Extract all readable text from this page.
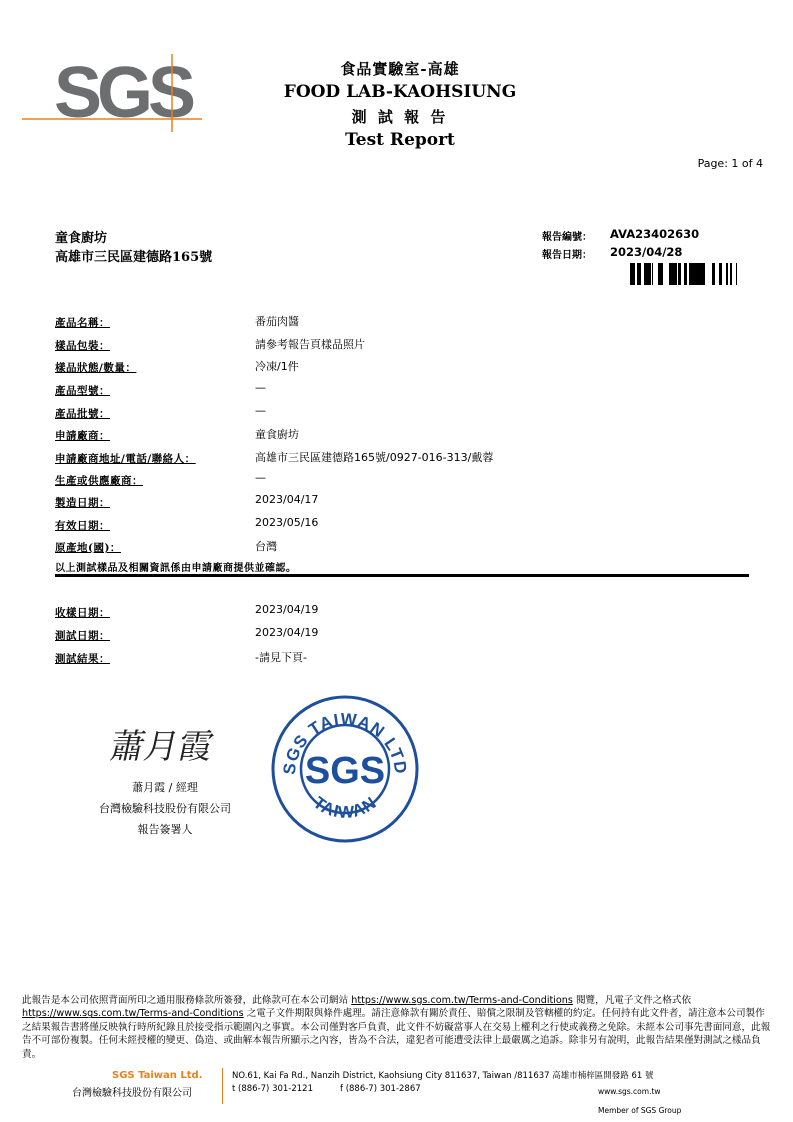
SGS	食品實驗室-高雄
FOOD LAB-KAOHSIUNG
測 試 報 告
Test Report
Page: 1 of 4
童食廚坊
高雄市三民區建德路165號
報告編號： AVA23402630
報告日期： 2023/04/28
產品名稱：	番茄肉醬
樣品包裝：	請參考報告頁樣品照片
樣品狀態/數量：	冷凍/1件
產品型號：	—
產品批號：	—
申請廠商：	童食廚坊
申請廠商地址/電話/聯絡人：	高雄市三民區建德路165號/0927-016-313/戴蓉
生產或供應廠商：	—
製造日期：	2023/04/17
有效日期：	2023/05/16
原產地(國)：	台灣
以上測試樣品及相關資訊係由申請廠商提供並確認。
收樣日期：	2023/04/19
測試日期：	2023/04/19
測試結果：	-請見下頁-
蕭月霞
蕭月霞 / 經理
台灣檢驗科技股份有限公司
報告簽署人
SGS TAIWAN LTD
SGS
TAIWAN
此報告是本公司依照背面所印之通用服務條款所簽發，此條款可在本公司網站 https://www.sgs.com.tw/Terms-and-Conditions 閱覽，凡電子文件之格式依 https://www.sgs.com.tw/Terms-and-Conditions 之電子文件期限與條件處理。請注意條款有關於責任、賠償之限制及管轄權的約定。任何持有此文件者，請注意本公司製作之結果報告書將僅反映執行時所紀錄且於接受指示範圍內之事實。本公司僅對客戶負責，此文件不妨礙當事人在交易上權利之行使或義務之免除。未經本公司事先書面同意，此報告不可部份複製。任何未經授權的變更、偽造、或曲解本報告所顯示之內容，皆為不合法，違犯者可能遭受法律上最嚴厲之追訴。除非另有說明，此報告結果僅對測試之樣品負責。
SGS Taiwan Ltd.
台灣檢驗科技股份有限公司
NO.61, Kai Fa Rd., Nanzih District, Kaohsiung City 811637, Taiwan /811637 高雄市楠梓區開發路 61 號
t (886-7) 301-2121	f (886-7) 301-2867	www.sgs.com.tw
Member of SGS Group
